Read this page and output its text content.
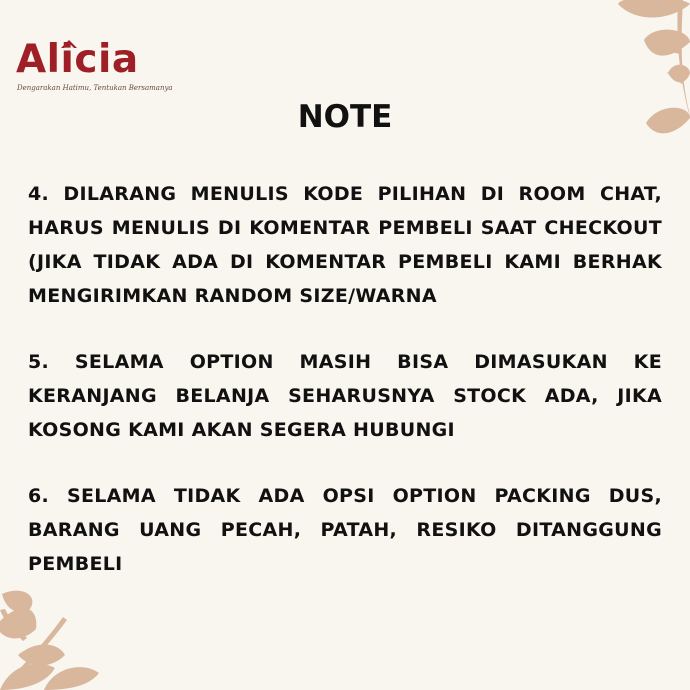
Alicia
Dengarakan Hatimu, Tentukan Bersamanya
NOTE
4. DILARANG MENULIS KODE PILIHAN DI ROOM CHAT, HARUS MENULIS DI KOMENTAR PEMBELI SAAT CHECKOUT (JIKA TIDAK ADA DI KOMENTAR PEMBELI KAMI BERHAK MENGIRIMKAN RANDOM SIZE/WARNA
5. SELAMA OPTION MASIH BISA DIMASUKAN KE KERANJANG BELANJA SEHARUSNYA STOCK ADA, JIKA KOSONG KAMI AKAN SEGERA HUBUNGI
6. SELAMA TIDAK ADA OPSI OPTION PACKING DUS, BARANG UANG PECAH, PATAH, RESIKO DITANGGUNG PEMBELI
